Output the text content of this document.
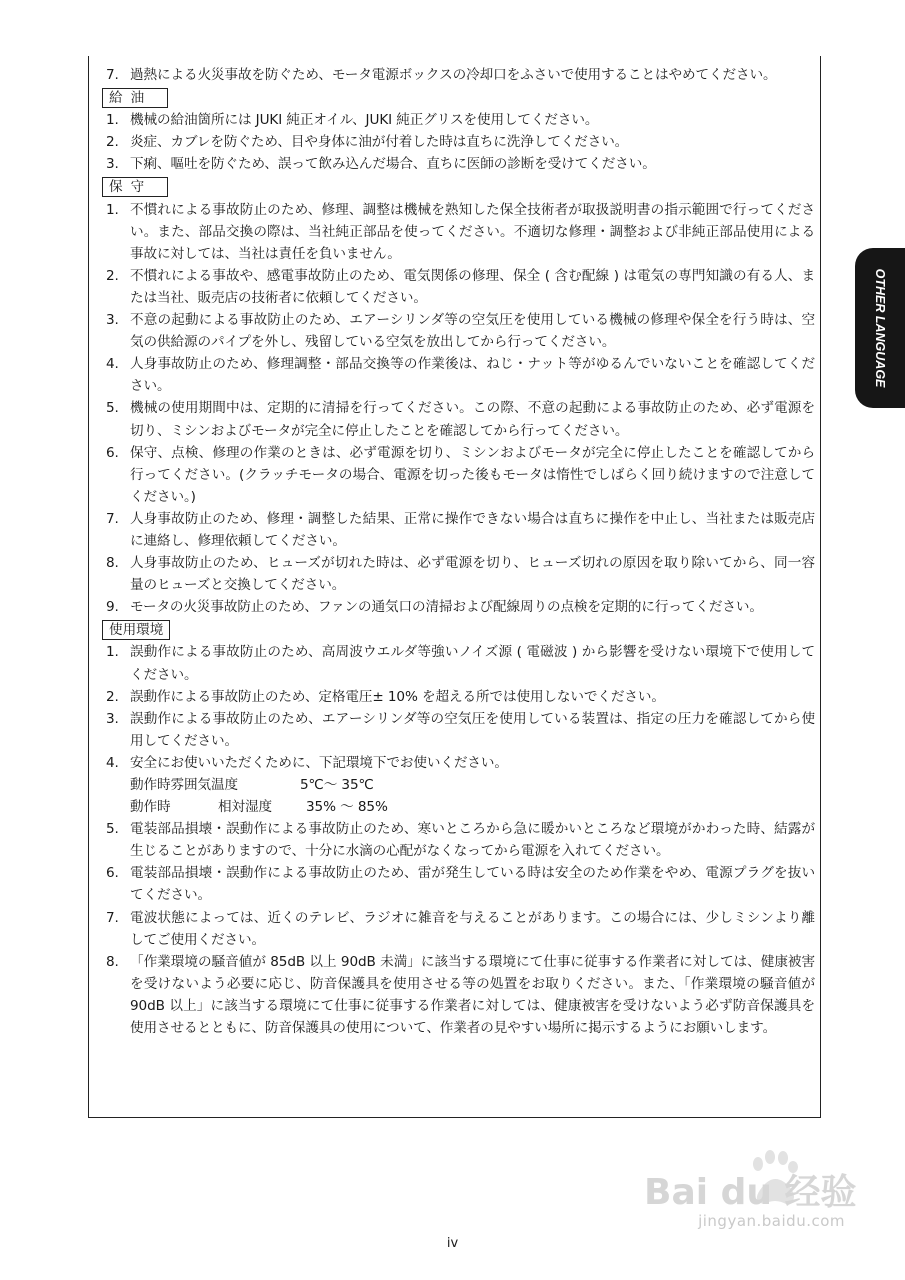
7. 過熱による火災事故を防ぐため、モータ電源ボックスの冷却口をふさいで使用することはやめてください。
給油
1. 機械の給油箇所には JUKI 純正オイル、JUKI 純正グリスを使用してください。
2. 炎症、カブレを防ぐため、目や身体に油が付着した時は直ちに洗浄してください。
3. 下痢、嘔吐を防ぐため、誤って飲み込んだ場合、直ちに医師の診断を受けてください。
保守
1. 不慣れによる事故防止のため、修理、調整は機械を熟知した保全技術者が取扱説明書の指示範囲で行ってください。また、部品交換の際は、当社純正部品を使ってください。不適切な修理・調整および非純正部品使用による事故に対しては、当社は責任を負いません。
2. 不慣れによる事故や、感電事故防止のため、電気関係の修理、保全 ( 含む配線 ) は電気の専門知識の有る人、または当社、販売店の技術者に依頼してください。
3. 不意の起動による事故防止のため、エアーシリンダ等の空気圧を使用している機械の修理や保全を行う時は、空気の供給源のパイプを外し、残留している空気を放出してから行ってください。
4. 人身事故防止のため、修理調整・部品交換等の作業後は、ねじ・ナット等がゆるんでいないことを確認してください。
5. 機械の使用期間中は、定期的に清掃を行ってください。この際、不意の起動による事故防止のため、必ず電源を切り、ミシンおよびモータが完全に停止したことを確認してから行ってください。
6. 保守、点検、修理の作業のときは、必ず電源を切り、ミシンおよびモータが完全に停止したことを確認してから行ってください。(クラッチモータの場合、電源を切った後もモータは惰性でしばらく回り続けますので注意してください。)
7. 人身事故防止のため、修理・調整した結果、正常に操作できない場合は直ちに操作を中止し、当社または販売店に連絡し、修理依頼してください。
8. 人身事故防止のため、ヒューズが切れた時は、必ず電源を切り、ヒューズ切れの原因を取り除いてから、同一容量のヒューズと交換してください。
9. モータの火災事故防止のため、ファンの通気口の清掃および配線周りの点検を定期的に行ってください。
使用環境
1. 誤動作による事故防止のため、高周波ウエルダ等強いノイズ源 ( 電磁波 ) から影響を受けない環境下で使用してください。
2. 誤動作による事故防止のため、定格電圧± 10% を超える所では使用しないでください。
3. 誤動作による事故防止のため、エアーシリンダ等の空気圧を使用している装置は、指定の圧力を確認してから使用してください。
4. 安全にお使いいただくために、下記環境下でお使いください。
動作時雰囲気温度	5℃～ 35℃
動作時	相対湿度	35% ～ 85%
5. 電装部品損壊・誤動作による事故防止のため、寒いところから急に暖かいところなど環境がかわった時、結露が生じることがありますので、十分に水滴の心配がなくなってから電源を入れてください。
6. 電装部品損壊・誤動作による事故防止のため、雷が発生している時は安全のため作業をやめ、電源プラグを抜いてください。
7. 電波状態によっては、近くのテレビ、ラジオに雑音を与えることがあります。この場合には、少しミシンより離してご使用ください。
8. 「作業環境の騒音値が 85dB 以上 90dB 未満」に該当する環境にて仕事に従事する作業者に対しては、健康被害を受けないよう必要に応じ、防音保護具を使用させる等の処置をお取りください。また、「作業環境の騒音値が 90dB 以上」に該当する環境にて仕事に従事する作業者に対しては、健康被害を受けないよう必ず防音保護具を使用させるとともに、防音保護具の使用について、作業者の見やすい場所に掲示するようにお願いします。
OTHER LANGUAGE
Bai du 经验
jingyan.baidu.com
iv
